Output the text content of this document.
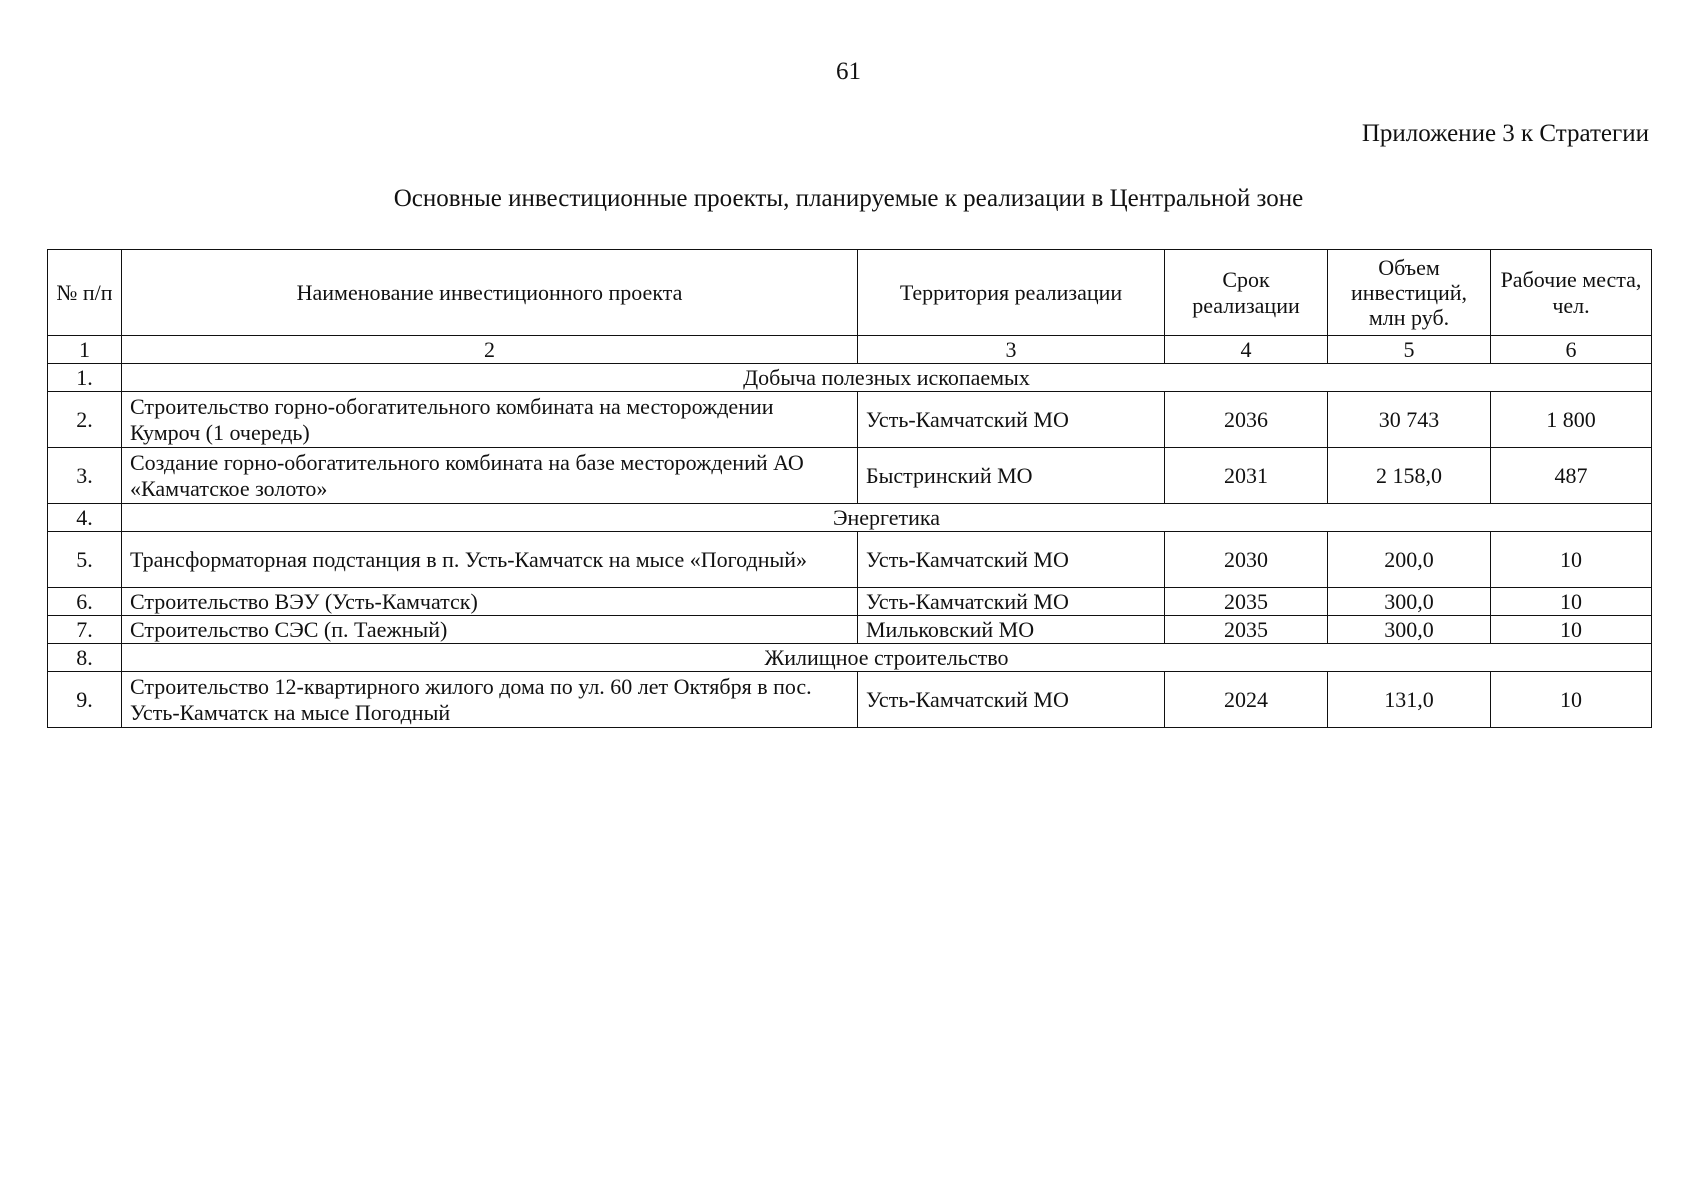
61
Приложение 3 к Стратегии
Основные инвестиционные проекты, планируемые к реализации в Центральной зоне
№ п/п	Наименование инвестиционного проекта	Территория реализации	Срок реализации	Объем инвестиций, млн руб.	Рабочие места, чел.
1	2	3	4	5	6
1.	Добыча полезных ископаемых				
2.	Строительство горно-обогатительного комбината на месторождении Кумроч (1 очередь)	Усть-Камчатский МО	2036	30 743	1 800
3.	Создание горно-обогатительного комбината на базе месторождений АО «Камчатское золото»	Быстринский МО	2031	2 158,0	487
4.	Энергетика				
5.	Трансформаторная подстанция в п. Усть-Камчатск на мысе «Погодный»	Усть-Камчатский МО	2030	200,0	10
6.	Строительство ВЭУ (Усть-Камчатск)	Усть-Камчатский МО	2035	300,0	10
7.	Строительство СЭС (п. Таежный)	Мильковский МО	2035	300,0	10
8.	Жилищное строительство				
9.	Строительство 12-квартирного жилого дома по ул. 60 лет Октября в пос. Усть-Камчатск на мысе Погодный	Усть-Камчатский МО	2024	131,0	10
